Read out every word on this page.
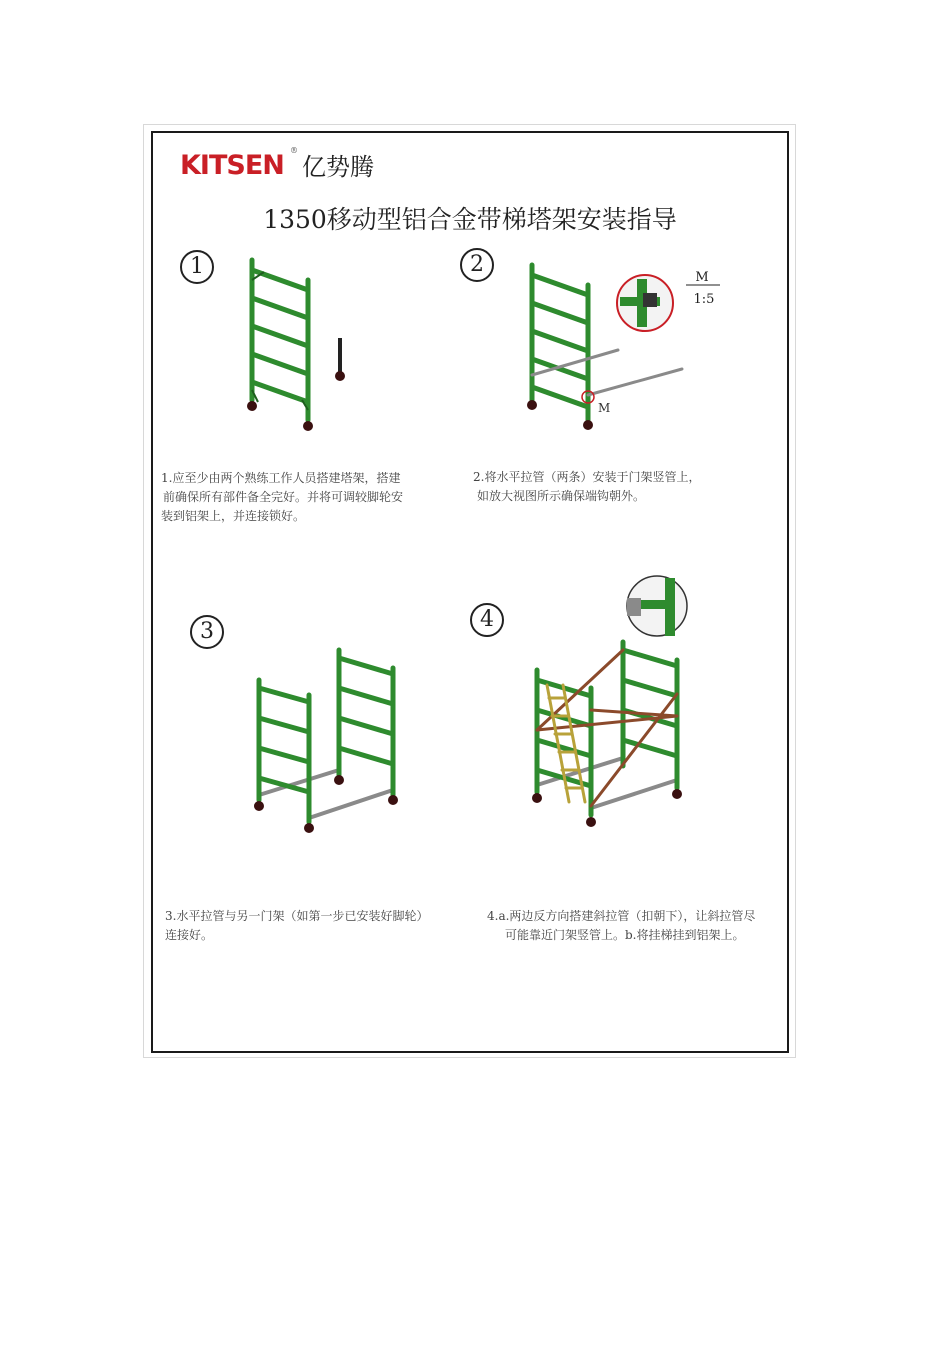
KITSEN ®
亿势腾
1350移动型铝合金带梯塔架安装指导
1	2
3	4
M
M
1:5
1.应至少由两个熟练工作人员搭建塔架，搭建
前确保所有部件备全完好。并将可调较脚轮安
装到铝架上，并连接锁好。
2.将水平拉管（两条）安装于门架竖管上，
如放大视图所示确保端钩朝外。
3.水平拉管与另一门架（如第一步已安装好脚轮）
连接好。
4.a.两边反方向搭建斜拉管（扣朝下），让斜拉管尽
可能靠近门架竖管上。b.将挂梯挂到铝架上。
